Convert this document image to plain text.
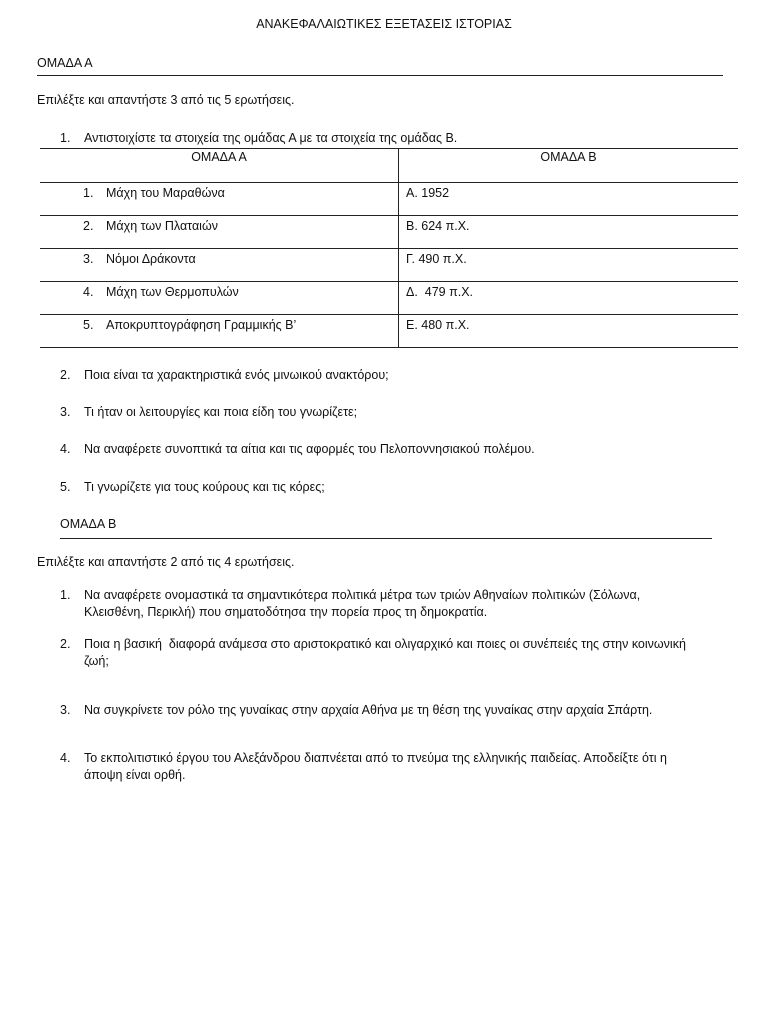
ΑΝΑΚΕΦΑΛΑΙΩΤΙΚΕΣ ΕΞΕΤΑΣΕΙΣ ΙΣΤΟΡΙΑΣ
ΟΜΑΔΑ Α
Επιλέξτε και απαντήστε 3 από τις 5 ερωτήσεις.
1.	Αντιστοιχίστε τα στοιχεία της ομάδας Α με τα στοιχεία της ομάδας Β.
ΟΜΑΔΑ Α	ΟΜΑΔΑ Β

1. Μάχη του Μαραθώνα	Α. 1952

2. Μάχη των Πλαταιών	Β. 624 π.Χ.

3. Νόμοι Δράκοντα	Γ. 490 π.Χ.

4. Μάχη των Θερμοπυλών	Δ.  479 π.Χ.

5. Αποκρυπτογράφηση Γραμμικής Β’	Ε. 480 π.Χ.
2.	Ποια είναι τα χαρακτηριστικά ενός μινωικού ανακτόρου;
3.	Τι ήταν οι λειτουργίες και ποια είδη του γνωρίζετε;
4.	Να αναφέρετε συνοπτικά τα αίτια και τις αφορμές του Πελοποννησιακού πολέμου.
5.	Τι γνωρίζετε για τους κούρους και τις κόρες;
ΟΜΑΔΑ Β
Επιλέξτε και απαντήστε 2 από τις 4 ερωτήσεις.
1.	Να αναφέρετε ονομαστικά τα σημαντικότερα πολιτικά μέτρα των τριών Αθηναίων πολιτικών (Σόλωνα,
Κλεισθένη, Περικλή) που σηματοδότησα την πορεία προς τη δημοκρατία.
2.	Ποια η βασική  διαφορά ανάμεσα στο αριστοκρατικό και ολιγαρχικό και ποιες οι συνέπειές της στην κοινωνική
ζωή;
3.	Να συγκρίνετε τον ρόλο της γυναίκας στην αρχαία Αθήνα με τη θέση της γυναίκας στην αρχαία Σπάρτη.
4.	Το εκπολιτιστικό έργου του Αλεξάνδρου διαπνέεται από το πνεύμα της ελληνικής παιδείας. Αποδείξτε ότι η
άποψη είναι ορθή.
